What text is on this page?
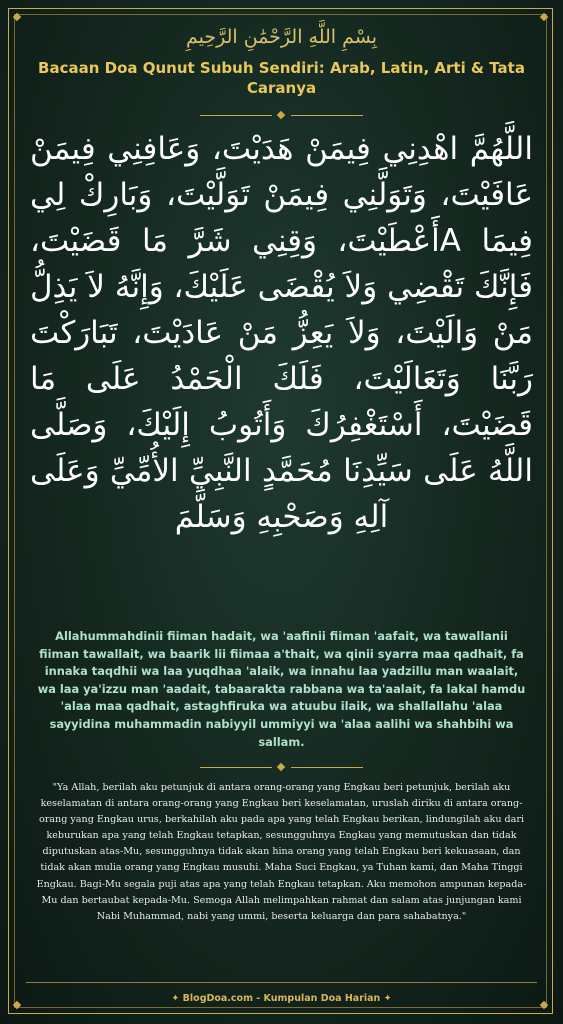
بِسْمِ اللَّهِ الرَّحْمَٰنِ الرَّحِيمِ
Bacaan Doa Qunut Subuh Sendiri: Arab, Latin, Arti & Tata Caranya
اللَّهُمَّ اهْدِنِي فِيمَنْ هَدَيْتَ، وَعَافِنِي فِيمَنْ عَافَيْتَ، وَتَوَلَّنِي فِيمَنْ تَوَلَّيْتَ، وَبَارِكْ لِي فِيمَا Aأَعْطَيْتَ، وَقِنِي شَرَّ مَا قَضَيْتَ، فَإِنَّكَ تَقْضِي وَلاَ يُقْضَى عَلَيْكَ، وَإِنَّهُ لاَ يَذِلُّ مَنْ وَالَيْتَ، وَلاَ يَعِزُّ مَنْ عَادَيْتَ، تَبَارَكْتَ رَبَّنَا وَتَعَالَيْتَ، فَلَكَ الْحَمْدُ عَلَى مَا قَضَيْتَ، أَسْتَغْفِرُكَ وَأَتُوبُ إِلَيْكَ، وَصَلَّى اللَّهُ عَلَى سَيِّدِنَا مُحَمَّدٍ النَّبِيِّ الأُمِّيِّ وَعَلَى آلِهِ وَصَحْبِهِ وَسَلَّمَ
Allahummahdinii fiiman hadait, wa 'aafinii fiiman 'aafait, wa tawallanii fiiman tawallait, wa baarik lii fiimaa a'thait, wa qinii syarra maa qadhait, fa innaka taqdhii wa laa yuqdhaa 'alaik, wa innahu laa yadzillu man waalait, wa laa ya'izzu man 'aadait, tabaarakta rabbana wa ta'aalait, fa lakal hamdu 'alaa maa qadhait, astaghfiruka wa atuubu ilaik, wa shallallahu 'alaa sayyidina muhammadin nabiyyil ummiyyi wa 'alaa aalihi wa shahbihi wa sallam.
"Ya Allah, berilah aku petunjuk di antara orang-orang yang Engkau beri petunjuk, berilah aku keselamatan di antara orang-orang yang Engkau beri keselamatan, uruslah diriku di antara orang-orang yang Engkau urus, berkahilah aku pada apa yang telah Engkau berikan, lindungilah aku dari keburukan apa yang telah Engkau tetapkan, sesungguhnya Engkau yang memutuskan dan tidak diputuskan atas-Mu, sesungguhnya tidak akan hina orang yang telah Engkau beri kekuasaan, dan tidak akan mulia orang yang Engkau musuhi. Maha Suci Engkau, ya Tuhan kami, dan Maha Tinggi Engkau. Bagi-Mu segala puji atas apa yang telah Engkau tetapkan. Aku memohon ampunan kepada-Mu dan bertaubat kepada-Mu. Semoga Allah melimpahkan rahmat dan salam atas junjungan kami Nabi Muhammad, nabi yang ummi, beserta keluarga dan para sahabatnya."
✦ BlogDoa.com - Kumpulan Doa Harian ✦
